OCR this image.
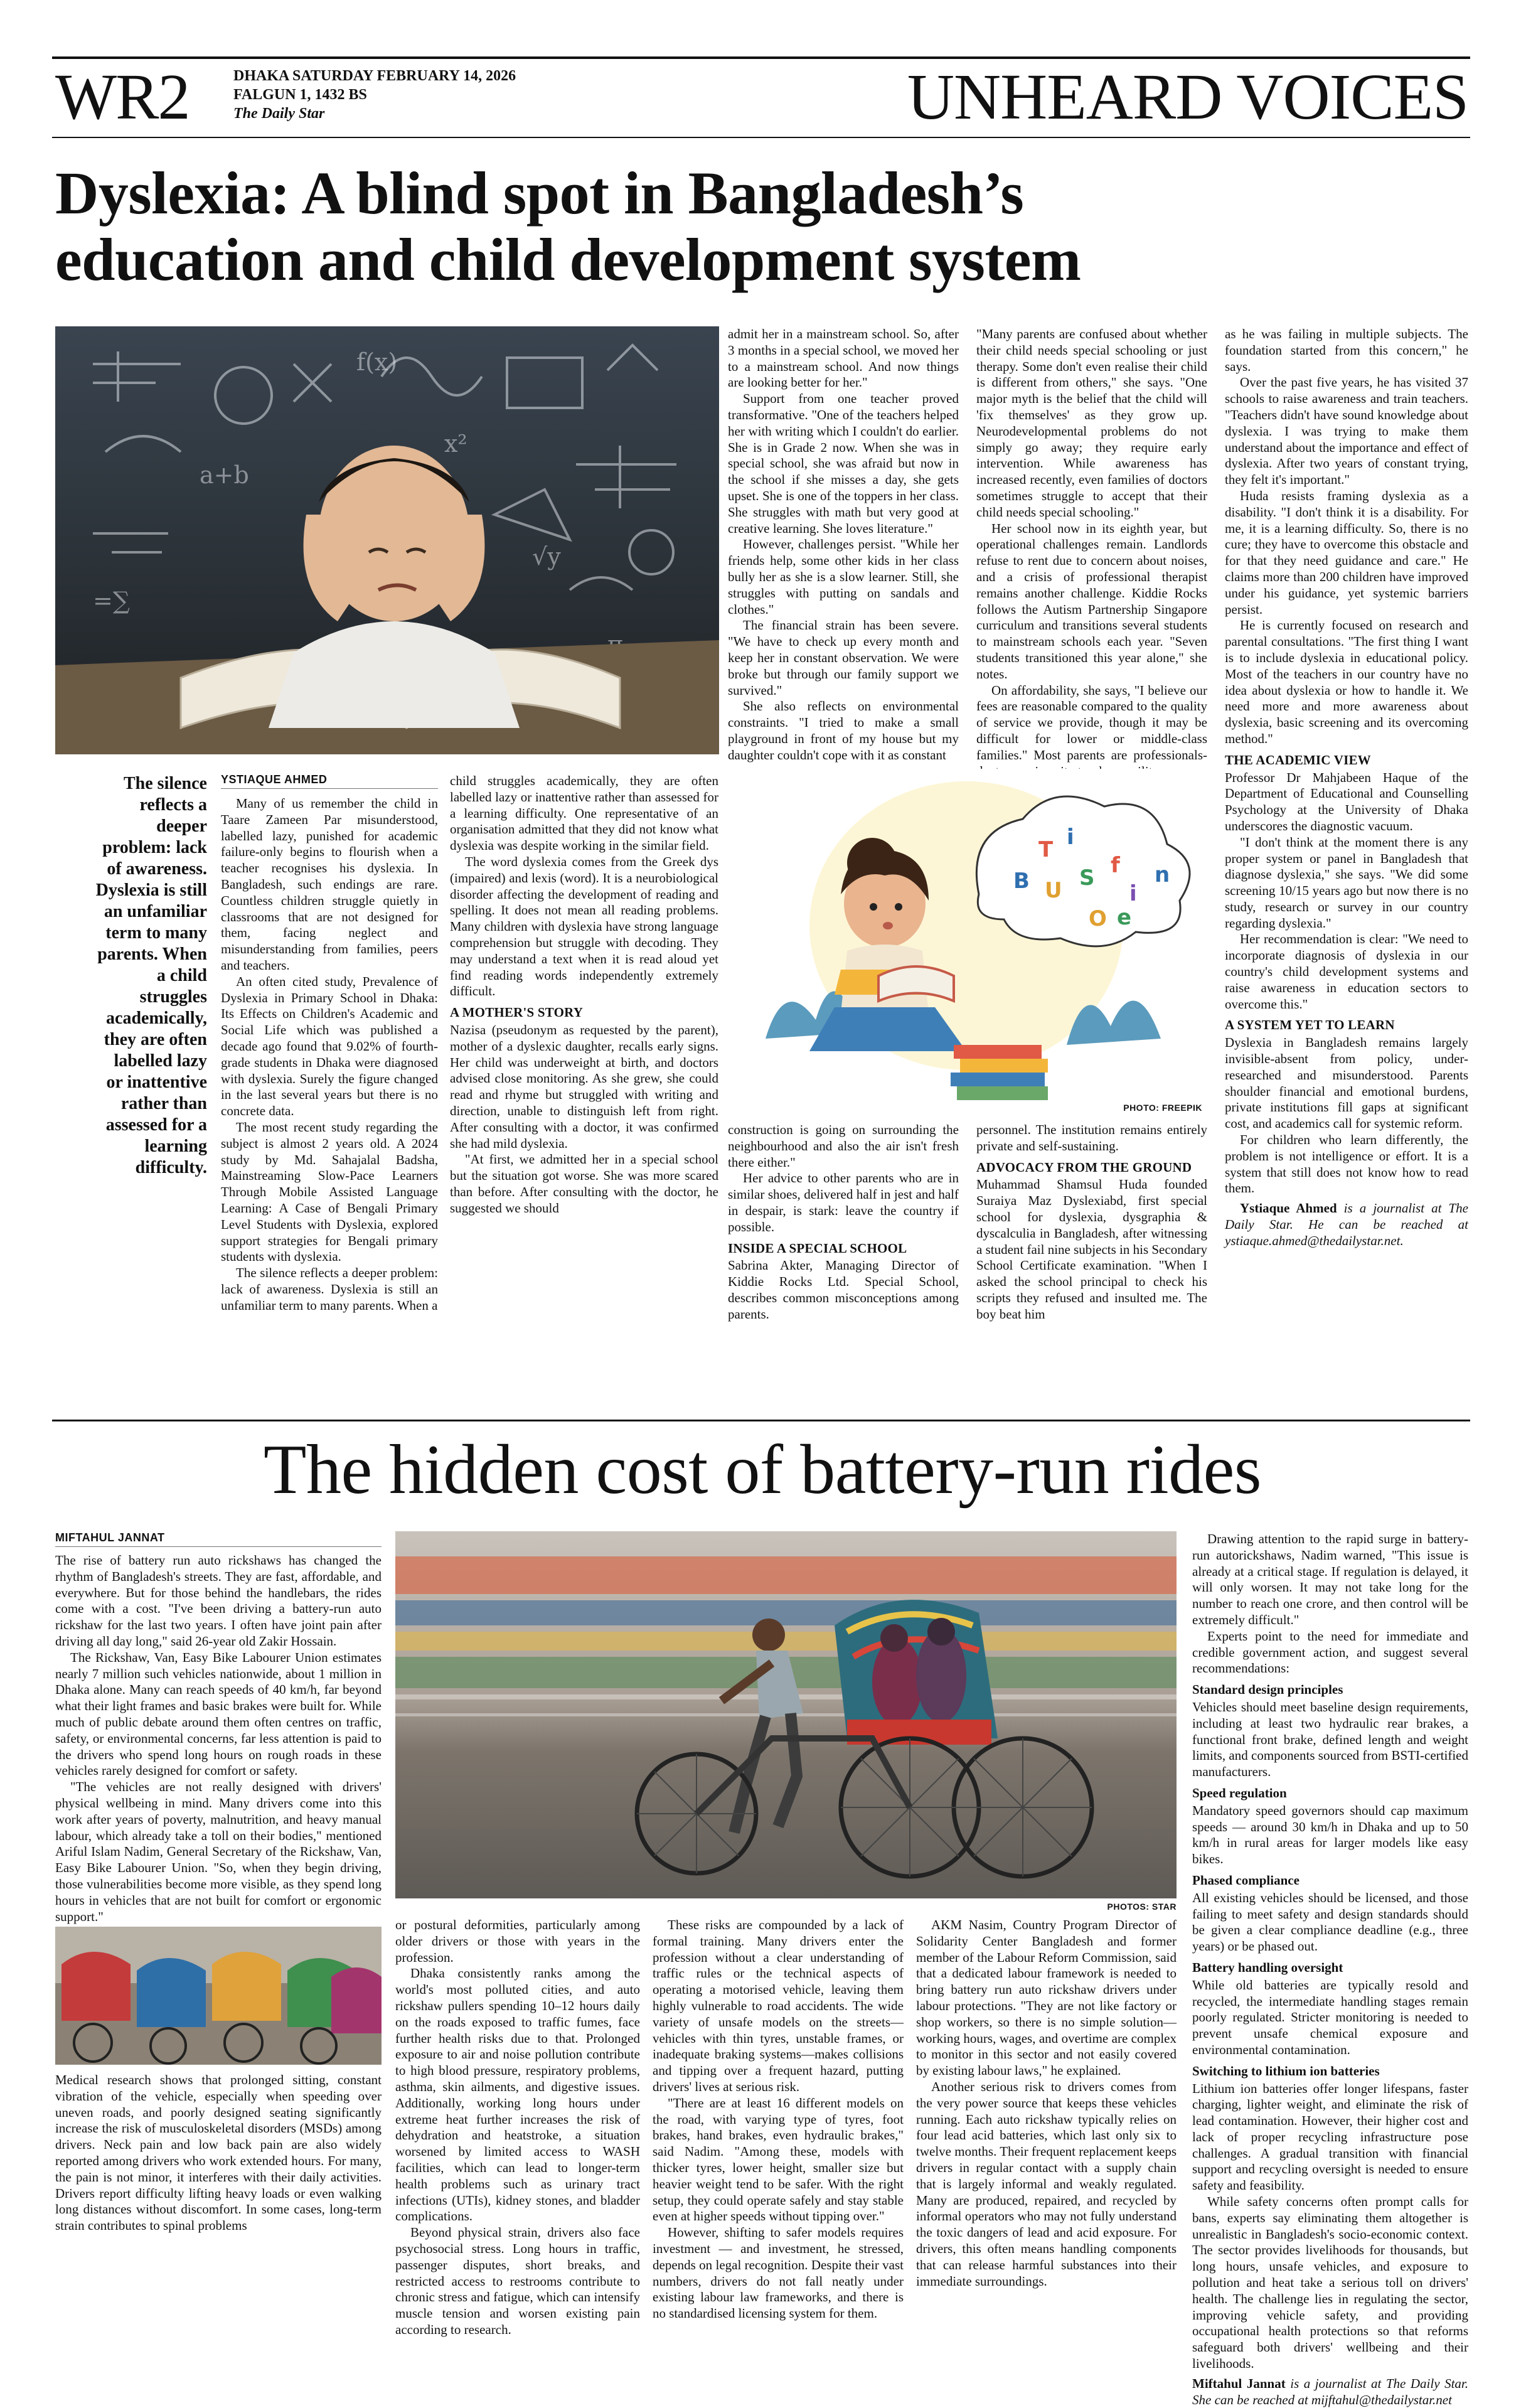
WR2	DHAKA SATURDAY FEBRUARY 14, 2026
FALGUN 1, 1432 BS
The Daily Star	UNHEARD VOICES
Dyslexia: A blind spot in Bangladesh’s
education and child development system
a+b
x²
√y
=∑
f(x)
The silence reflects a deeper problem: lack of awareness. Dyslexia is still an unfamiliar term to many parents. When a child struggles academically, they are often labelled lazy or inattentive rather than assessed for a learning difficulty.
YSTIAQUE AHMED

Many of us remember the child in Taare Zameen Par misunderstood, labelled lazy, punished for academic failure-only begins to flourish when a teacher recognises his dyslexia. In Bangladesh, such endings are rare. Countless children struggle quietly in classrooms that are not designed for them, facing neglect and misunderstanding from families, peers and teachers.

An often cited study, Prevalence of Dyslexia in Primary School in Dhaka: Its Effects on Children's Academic and Social Life which was published a decade ago found that 9.02% of fourth-grade students in Dhaka were diagnosed with dyslexia. Surely the figure changed in the last several years but there is no concrete data.

The most recent study regarding the subject is almost 2 years old. A 2024 study by Md. Sahajalal Badsha, Mainstreaming Slow-Pace Learners Through Mobile Assisted Language Learning: A Case of Bengali Primary Level Students with Dyslexia, explored support strategies for Bengali primary students with dyslexia.

The silence reflects a deeper problem: lack of awareness. Dyslexia is still an unfamiliar term to many parents. When a

child struggles academically, they are often labelled lazy or inattentive rather than assessed for a learning difficulty. One representative of an organisation admitted that they did not know what dyslexia was despite working in the similar field.

The word dyslexia comes from the Greek dys (impaired) and lexis (word). It is a neurobiological disorder affecting the development of reading and spelling. It does not mean all reading problems. Many children with dyslexia have strong language comprehension but struggle with decoding. They may understand a text when it is read aloud yet find reading words independently extremely difficult.

A MOTHER'S STORY

Nazisa (pseudonym as requested by the parent), mother of a dyslexic daughter, recalls early signs. Her child was underweight at birth, and doctors advised close monitoring. As she grew, she could read and rhyme but struggled with writing and direction, unable to distinguish left from right. After consulting with a doctor, it was confirmed she had mild dyslexia.

"At first, we admitted her in a special school but the situation got worse. She was more scared than before. After consulting with the doctor, he suggested we should

admit her in a mainstream school. So, after 3 months in a special school, we moved her to a mainstream school. And now things are looking better for her."

Support from one teacher proved transformative. "One of the teachers helped her with writing which I couldn't do earlier. She is in Grade 2 now. When she was in special school, she was afraid but now in the school if she misses a day, she gets upset. She is one of the toppers in her class. She struggles with math but very good at creative learning. She loves literature."

However, challenges persist. "While her friends help, some other kids in her class bully her as she is a slow learner. Still, she struggles with putting on sandals and clothes."

The financial strain has been severe. "We have to check up every month and keep her in constant observation. We were broke but through our family support we survived."

She also reflects on environmental constraints. "I tried to make a small playground in front of my house but my daughter couldn't cope with it as constant

"Many parents are confused about whether their child needs special schooling or just therapy. Some don't even realise their child is different from others," she says. "One major myth is the belief that the child will 'fix themselves' as they grow up. Neurodevelopmental problems do not simply go away; they require early intervention. While awareness has increased recently, even families of doctors sometimes struggle to accept that their child needs special schooling."

Her school now in its eighth year, but operational challenges remain. Landlords refuse to rent due to concern about noises, and a crisis of professional therapist remains another challenge. Kiddie Rocks follows the Autism Partnership Singapore curriculum and transitions several students to mainstream schools each year. "Seven students transitioned this year alone," she notes.

On affordability, she says, "I believe our fees are reasonable compared to the quality of service we provide, though it may be difficult for lower or middle-class families." Most parents are professionals-

T i
B U S f
i
n
O e
PHOTO: FREEPIK

construction is going on surrounding the neighbourhood and also the air isn't fresh there either."

Her advice to other parents who are in similar shoes, delivered half in jest and half in despair, is stark: leave the country if possible.

INSIDE A SPECIAL SCHOOL

Sabrina Akter, Managing Director of Kiddie Rocks Ltd. Special School, describes common misconceptions among parents.

personnel. The institution remains entirely private and self-sustaining.

ADVOCACY FROM THE GROUND

Muhammad Shamsul Huda founded Suraiya Maz Dyslexiabd, first special school for dyslexia, dysgraphia & dyscalculia in Bangladesh, after witnessing a student fail nine subjects in his Secondary School Certificate examination. "When I asked the school principal to check his scripts they refused and insulted me. The boy beat him

as he was failing in multiple subjects. The foundation started from this concern," he says.

Over the past five years, he has visited 37 schools to raise awareness and train teachers. "Teachers didn't have sound knowledge about dyslexia. I was trying to make them understand about the importance and effect of dyslexia. After two years of constant trying, they felt it's important."

Huda resists framing dyslexia as a disability. "I don't think it is a disability. For me, it is a learning difficulty. So, there is no cure; they have to overcome this obstacle and for that they need guidance and care." He claims more than 200 children have improved under his guidance, yet systemic barriers persist.

He is currently focused on research and parental consultations. "The first thing I want is to include dyslexia in educational policy. Most of the teachers in our country have no idea about dyslexia or how to handle it. We need more and more awareness about dyslexia, basic screening and its overcoming method."

THE ACADEMIC VIEW

Professor Dr Mahjabeen Haque of the Department of Educational and Counselling Psychology at the University of Dhaka underscores the diagnostic vacuum.

"I don't think at the moment there is any proper system or panel in Bangladesh that diagnose dyslexia," she says. "We did some screening 10/15 years ago but now there is no study, research or survey in our country regarding dyslexia."

Her recommendation is clear: "We need to incorporate diagnosis of dyslexia in our country's child development systems and raise awareness in education sectors to overcome this."

A SYSTEM YET TO LEARN

Dyslexia in Bangladesh remains largely invisible-absent from policy, under-researched and misunderstood. Parents shoulder financial and emotional burdens, private institutions fill gaps at significant cost, and academics call for systemic reform.

For children who learn differently, the problem is not intelligence or effort. It is a system that still does not know how to read them.

Ystiaque Ahmed is a journalist at The Daily Star. He can be reached at ystiaque.ahmed@thedailystar.net.

The hidden cost of battery-run rides
MIFTAHUL JANNAT

The rise of battery run auto rickshaws has changed the rhythm of Bangladesh's streets. They are fast, affordable, and everywhere. But for those behind the handlebars, the rides come with a cost. "I've been driving a battery-run auto rickshaw for the last two years. I often have joint pain after driving all day long," said 26-year old Zakir Hossain.

The Rickshaw, Van, Easy Bike Labourer Union estimates nearly 7 million such vehicles nationwide, about 1 million in Dhaka alone. Many can reach speeds of 40 km/h, far beyond what their light frames and basic brakes were built for. While much of public debate around them often centres on traffic, safety, or environmental concerns, far less attention is paid to the drivers who spend long hours on rough roads in these vehicles rarely designed for comfort or safety.

"The vehicles are not really designed with drivers' physical wellbeing in mind. Many drivers come into this work after years of poverty, malnutrition, and heavy manual labour, which already take a toll on their bodies," mentioned Ariful Islam Nadim, General Secretary of the Rickshaw, Van, Easy Bike Labourer Union. "So, when they begin driving, those vulnerabilities become more visible, as they spend long hours in vehicles that are not built for comfort or ergonomic support."

PHOTOS: STAR

Medical research shows that prolonged sitting, constant vibration of the vehicle, especially when speeding over uneven roads, and poorly designed seating significantly increase the risk of musculoskeletal disorders (MSDs) among drivers. Neck pain and low back pain are also widely reported among drivers who work extended hours. For many, the pain is not minor, it interferes with their daily activities. Drivers report difficulty lifting heavy loads or even walking long distances without discomfort. In some cases, long-term strain contributes to spinal problems

or postural deformities, particularly among older drivers or those with years in the profession.

Dhaka consistently ranks among the world's most polluted cities, and auto rickshaw pullers spending 10–12 hours daily on the roads exposed to traffic fumes, face further health risks due to that. Prolonged exposure to air and noise pollution contribute to high blood pressure, respiratory problems, asthma, skin ailments, and digestive issues. Additionally, working long hours under extreme heat further increases the risk of dehydration and heatstroke, a situation worsened by limited access to WASH facilities, which can lead to longer-term health problems such as urinary tract infections (UTIs), kidney stones, and bladder complications.

Beyond physical strain, drivers also face psychosocial stress. Long hours in traffic, passenger disputes, short breaks, and restricted access to restrooms contribute to chronic stress and fatigue, which can intensify muscle tension and worsen existing pain according to research.

These risks are compounded by a lack of formal training. Many drivers enter the profession without a clear understanding of traffic rules or the technical aspects of operating a motorised vehicle, leaving them highly vulnerable to road accidents. The wide variety of unsafe models on the streets—vehicles with thin tyres, unstable frames, or inadequate braking systems—makes collisions and tipping over a frequent hazard, putting drivers' lives at serious risk.

"There are at least 16 different models on the road, with varying type of tyres, foot brakes, hand brakes, even hydraulic brakes," said Nadim. "Among these, models with thicker tyres, lower height, smaller size but heavier weight tend to be safer. With the right setup, they could operate safely and stay stable even at higher speeds without tipping over."

However, shifting to safer models requires investment — and investment, he stressed, depends on legal recognition. Despite their vast numbers, drivers do not fall neatly under existing labour law frameworks, and there is no standardised licensing system for them.

AKM Nasim, Country Program Director of Solidarity Center Bangladesh and former member of the Labour Reform Commission, said that a dedicated labour framework is needed to bring battery run auto rickshaw drivers under labour protections. "They are not like factory or shop workers, so there is no simple solution—working hours, wages, and overtime are complex to monitor in this sector and not easily covered by existing labour laws," he explained.

Another serious risk to drivers comes from the very power source that keeps these vehicles running. Each auto rickshaw typically relies on four lead acid batteries, which last only six to twelve months. Their frequent replacement keeps drivers in regular contact with a supply chain that is largely informal and weakly regulated. Many are produced, repaired, and recycled by informal operators who may not fully understand the toxic dangers of lead and acid exposure. For drivers, this often means handling components that can release harmful substances into their immediate surroundings.

Drawing attention to the rapid surge in battery-run autorickshaws, Nadim warned, "This issue is already at a critical stage. If regulation is delayed, it will only worsen. It may not take long for the number to reach one crore, and then control will be extremely difficult."

Experts point to the need for immediate and credible government action, and suggest several recommendations:

Standard design principles

Vehicles should meet baseline design requirements, including at least two hydraulic rear brakes, a functional front brake, defined length and weight limits, and components sourced from BSTI-certified manufacturers.

Speed regulation

Mandatory speed governors should cap maximum speeds — around 30 km/h in Dhaka and up to 50 km/h in rural areas for larger models like easy bikes.

Phased compliance

All existing vehicles should be licensed, and those failing to meet safety and design standards should be given a clear compliance deadline (e.g., three years) or be phased out.

Battery handling oversight

While old batteries are typically resold and recycled, the intermediate handling stages remain poorly regulated. Stricter monitoring is needed to prevent unsafe chemical exposure and environmental contamination.

Switching to lithium ion batteries

Lithium ion batteries offer longer lifespans, faster charging, lighter weight, and eliminate the risk of lead contamination. However, their higher cost and lack of proper recycling infrastructure pose challenges. A gradual transition with financial support and recycling oversight is needed to ensure safety and feasibility.

While safety concerns often prompt calls for bans, experts say eliminating them altogether is unrealistic in Bangladesh's socio-economic context. The sector provides livelihoods for thousands, but long hours, unsafe vehicles, and exposure to pollution and heat take a serious toll on drivers' health. The challenge lies in regulating the sector, improving vehicle safety, and providing occupational health protections so that reforms safeguard both drivers' wellbeing and their livelihoods.

Miftahul Jannat is a journalist at The Daily Star. She can be reached at mijftahul@thedailystar.net
